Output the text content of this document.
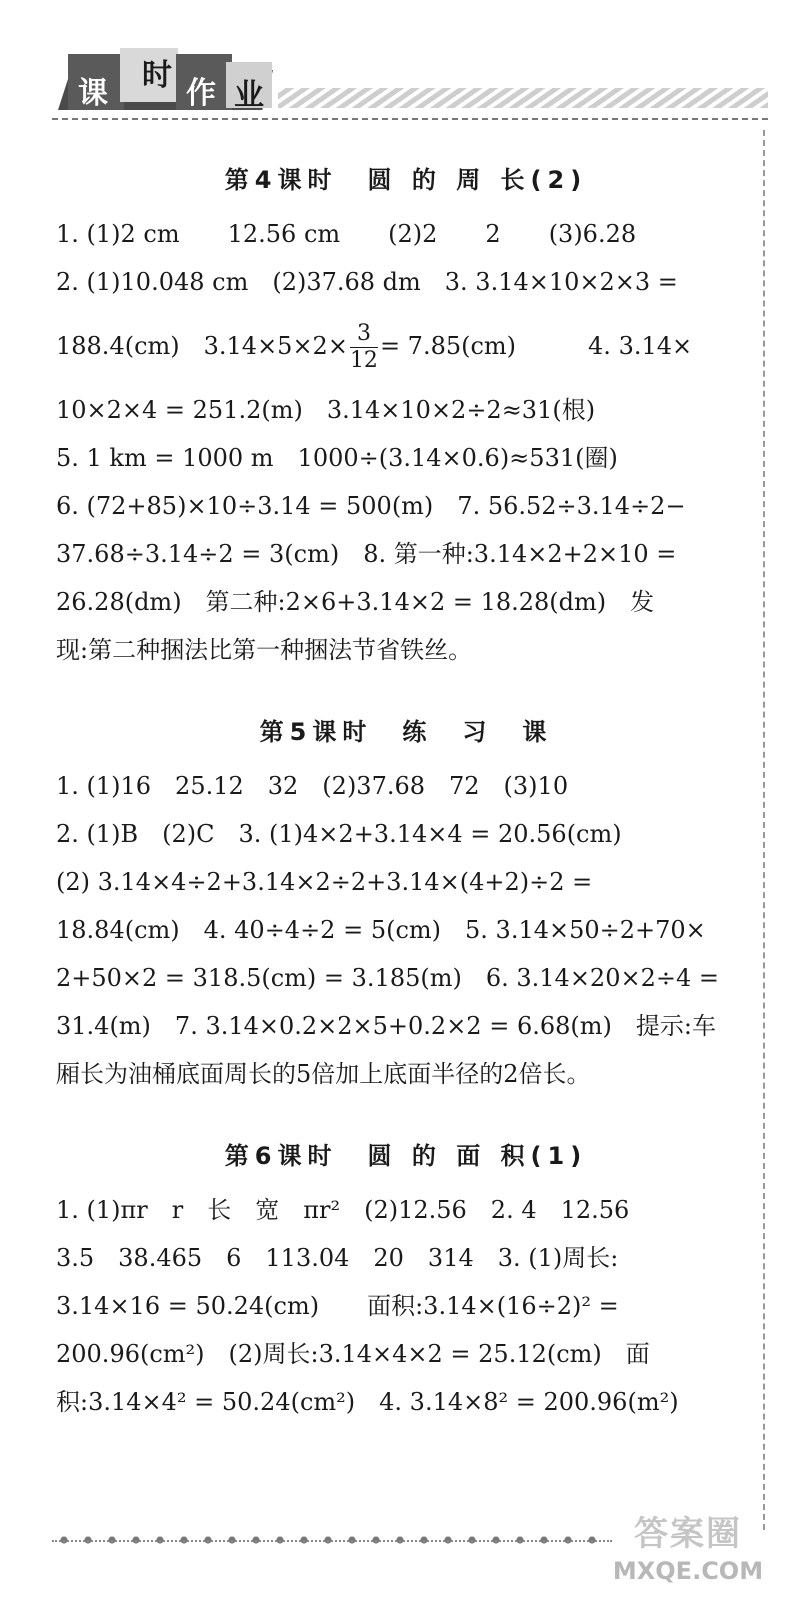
课
时
作 业
第4课时　圆 的 周 长(2)

1. (1)2 cm　　12.56 cm　　(2)2　　2　　(3)6.28

2. (1)10.048 cm　(2)37.68 dm　3. 3.14×10×2×3 =

188.4(cm)　$3.14\times 5\times 2\times \frac{3}{12} = 7.85(cm)$　　　4. 3.14×

10×2×4 = 251.2(m)　3.14×10×2÷2≈31(根)

5. 1 km = 1000 m　1000÷(3.14×0.6)≈531(圈)

6. (72+85)×10÷3.14 = 500(m)　7. 56.52÷3.14÷2−

37.68÷3.14÷2 = 3(cm)　8. 第一种:3.14×2+2×10 =

26.28(dm)　第二种:2×6+3.14×2 = 18.28(dm)　发

现:第二种捆法比第一种捆法节省铁丝。

第5课时　练　习　课

1. (1)16　25.12　32　(2)37.68　72　(3)10

2. (1)B　(2)C　3. (1)4×2+3.14×4 = 20.56(cm)

(2) 3.14×4÷2+3.14×2÷2+3.14×(4+2)÷2 =

18.84(cm)　4. 40÷4÷2 = 5(cm)　5. 3.14×50÷2+70×

2+50×2 = 318.5(cm) = 3.185(m)　6. 3.14×20×2÷4 =

31.4(m)　7. 3.14×0.2×2×5+0.2×2 = 6.68(m)　提示:车

厢长为油桶底面周长的5倍加上底面半径的2倍长。

第6课时　圆 的 面 积(1)

1. (1)πr　r　长　宽　πr²　(2)12.56　2. 4　12.56

3.5　38.465　6　113.04　20　314　3. (1)周长:

3.14×16 = 50.24(cm)　　面积:3.14×(16÷2)² =

200.96(cm²)　(2)周长:3.14×4×2 = 25.12(cm)　面

积:3.14×4² = 50.24(cm²)　4. 3.14×8² = 200.96(m²)

答案圈
MXQE.COM
